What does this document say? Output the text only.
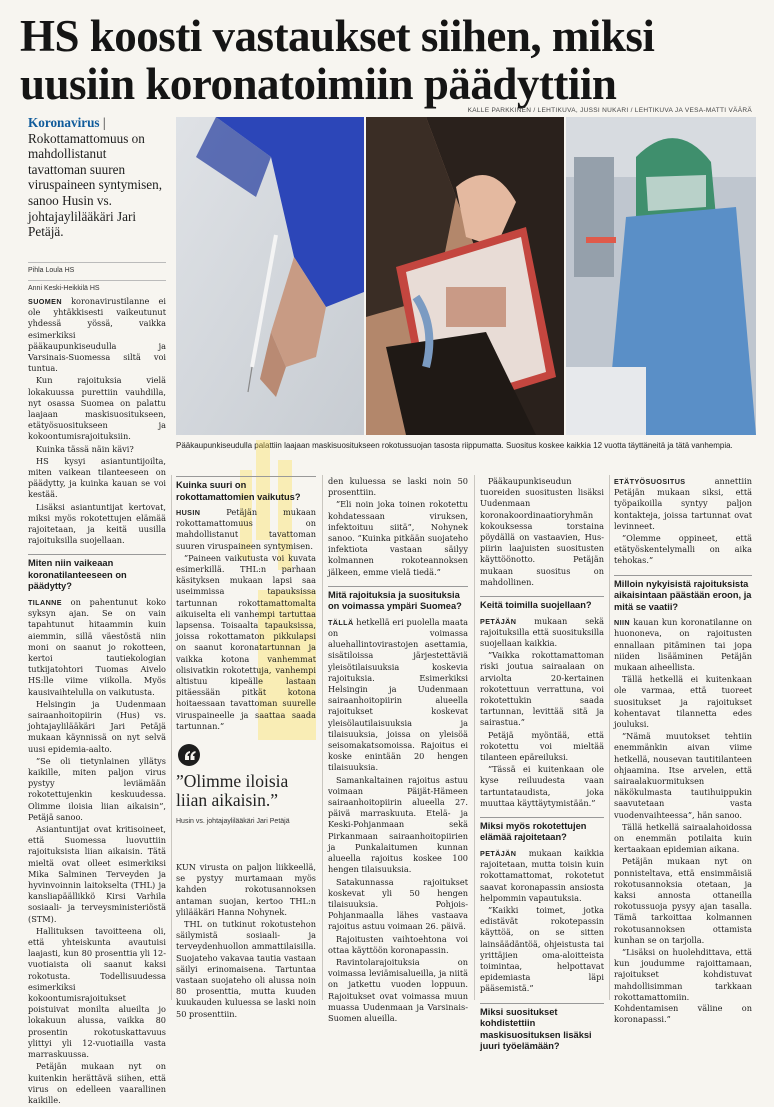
HS koosti vastaukset siihen, miksi uusiin koronatoimiin päädyttiin
KALLE PARKKINEN / LEHTIKUVA, JUSSI NUKARI / LEHTIKUVA JA VESA-MATTI VÄÄRÄ
Koronavirus | Rokottamattomuus on mahdollistanut tavattoman suuren viruspaineen syntymisen, sanoo Husin vs. johtajaylilääkäri Jari Petäjä.
Pihla Loula HS
Anni Keski-Heikkilä HS
Pääkaupunkiseudulla palattiin laajaan maskisuositukseen rokotussuojan tasosta riippumatta. Suositus koskee kaikkia 12 vuotta täyttäneitä ja tätä vanhempia.

SUOMEN koronavirustilanne ei ole yhtäkkisesti vaikeutunut yhdessä yössä, vaikka esimerkiksi pääkaupunkiseudulla ja Varsinais-Suomessa siltä voi tuntua.

Kun rajoituksia vielä lokakuussa purettiin vauhdilla, nyt osassa Suomea on palattu laajaan maskisuositukseen, etätyösuositukseen ja kokoontumisrajoituksiin.

Kuinka tässä näin kävi?

HS kysyi asiantuntijoilta, miten vaikean tilanteeseen on päädytty, ja kuinka kauan se voi kestää.

Lisäksi asiantuntijat kertovat, miksi myös rokotettujen elämää rajoitetaan, ja keitä uusilla rajoituksilla suojellaan.

Miten niin vaikeaan koronatilanteeseen on päädytty?

TILANNE on pahentunut koko syksyn ajan. Se on vain tapahtunut hitaammin kuin aiemmin, sillä väestöstä niin moni on saanut jo rokotteen, kertoi tautiekologian tutkijatohtori Tuomas Aivelo HS:lle viime viikolla. Myös kausivaihtelulla on vaikutusta.

Helsingin ja Uudenmaan sairaanhoitopiirin (Hus) vs. johtajaylilääkäri Jari Petäjä mukaan käynnissä on nyt selvä uusi epidemia-aalto.

”Se oli tietynlainen yllätys kaikille, miten paljon virus pystyy leviämään rokotettujenkin keskuudessa. Olimme iloisia liian aikaisin”, Petäjä sanoo.

Asiantuntijat ovat kritisoineet, että Suomessa luovuttiin rajoituksista liian aikaisin. Tätä mieltä ovat olleet esimerkiksi Mika Salminen Terveyden ja hyvinvoinnin laitokselta (THL) ja kansliapäällikkö Kirsi Varhila sosiaali- ja terveysministeriöstä (STM).

Hallituksen tavoitteena oli, että yhteiskunta avautuisi laajasti, kun 80 prosenttia yli 12-vuotiaista oli saanut kaksi rokotusta. Todellisuudessa esimerkiksi kokoontumisrajoitukset poistuivat monilta alueilta jo lokakuun alussa, vaikka 80 prosentin rokotuskattavuus ylittyi yli 12-vuotiailla vasta marraskuussa.

Petäjän mukaan nyt on kuitenkin herättävä siihen, että virus on edelleen vaarallinen kaikille.

Kuinka suuri on rokottamattomien vaikutus?

HUSIN Petäjän mukaan rokottamattomuus on mahdollistanut tavattoman suuren viruspaineen syntymisen.

”Paineen vaikutusta voi kuvata esimerkillä. THL:n parhaan käsityksen mukaan lapsi saa useimmissa tapauksissa tartunnan rokottamattomalta aikuiselta eli vanhempi tartuttaa lapsensa. Toisaalta tapauksissa, joissa rokottamaton pikkulapsi on saanut koronatartunnan ja vaikka kotona vanhemmat olisivatkin rokotettuja, vanhempi altistuu kipeälle lastaan pitäessään pitkät kotona hoitaessaan tavattoman suurelle viruspaineelle ja saattaa saada tartunnan.”

”Olimme iloisia liian aikaisin.”
Husin vs. johtajaylilääkäri Jari Petäjä

KUN virusta on paljon liikkeellä, se pystyy murtamaan myös kahden rokotusannoksen antaman suojan, kertoo THL:n ylilääkäri Hanna Nohynek.

THL on tutkinut rokotustehon säilymistä sosiaali- ja terveydenhuollon ammattilaisilla. Suojateho vakavaa tautia vastaan säilyi erinomaisena. Tartuntaa vastaan suojateho oli alussa noin 80 prosenttia, mutta kuuden kuukauden kuluessa se laski noin 50 prosenttiin.

den kuluessa se laski noin 50 prosenttiin.

”Eli noin joka toinen rokotettu kohdatessaan viruksen, infektoituu siitä”, Nohynek sanoo. ”Kuinka pitkään suojateho infektiota vastaan säilyy kolmannen rokoteannoksen jälkeen, emme vielä tiedä.”

Mitä rajoituksia ja suosituksia on voimassa ympäri Suomea?

TÄLLÄ hetkellä eri puolella maata on voimassa aluehallintovirastojen asettamia, sisätiloissa järjestettäviä yleisötilaisuuksia koskevia rajoituksia. Esimerkiksi Helsingin ja Uudenmaan sairaanhoitopiirin alueella rajoitukset koskevat yleisölautilaisuuksia ja tilaisuuksia, joissa on yleisöä seisomakatsomoissa. Rajoitus ei koske enintään 20 hengen tilaisuuksia.

Samankaltainen rajoitus astuu voimaan Päijät-Hämeen sairaanhoitopiirin alueella 27. päivä marraskuuta. Etelä- ja Keski-Pohjanmaan sekä Pirkanmaan sairaanhoitopiirien ja Punkalaitumen kunnan alueella rajoitus koskee 100 hengen tilaisuuksia.

Satakunnassa rajoitukset koskevat yli 50 hengen tilaisuuksia. Pohjois-Pohjanmaalla lähes vastaava rajoitus astuu voimaan 26. päivä.

Rajoitusten vaihtoehtona voi ottaa käyttöön koronapassin.

Ravintolarajoituksia on voimassa leviämisalueilla, ja niitä on jatkettu vuoden loppuun. Rajoitukset ovat voimassa muun muassa Uudenmaan ja Varsinais-Suomen alueilla.

Pääkaupunkiseudun tuoreiden suositusten lisäksi Uudenmaan koronakoordinaatioryhmän kokouksessa torstaina pöydällä on vastaavien, Hus-piirin laajuisten suositusten käyttöönotto. Petäjän mukaan suositus on mahdollinen.

Keitä toimilla suojellaan?

PETÄJÄN mukaan sekä rajoituksilla että suosituksilla suojellaan kaikkia.

”Vaikka rokottamattoman riski joutua sairaalaan on arviolta 20-kertainen rokotettuun verrattuna, voi rokotettukin saada tartunnan, levittää sitä ja sairastua.”

Petäjä myöntää, että rokotettu voi mieltää tilanteen epäreiluksi.

”Tässä ei kuitenkaan ole kyse reiluudesta vaan tartuntataudista, joka muuttaa käyttäytymistään.”

Miksi myös rokotettujen elämää rajoitetaan?

PETÄJÄN mukaan kaikkia rajoitetaan, mutta toisin kuin rokottamattomat, rokotetut saavat koronapassin ansiosta helpommin vapautuksia.

”Kaikki toimet, jotka edistävät rokotepassin käyttöä, on se sitten lainsäädäntöä, ohjeistusta tai yrittäjien oma-aloitteista toimintaa, helpottavat epidemiasta läpi pääsemistä.”

Miksi suositukset kohdistettiin maskisuosituksen lisäksi juuri työelämään?

ETÄTYÖSUOSITUS annettiin Petäjän mukaan siksi, että työpaikoilla syntyy paljon kontakteja, joissa tartunnat ovat levinneet.

”Olemme oppineet, että etätyöskentelymalli on aika tehokas.”

Milloin nykyisistä rajoituksista aikaisintaan päästään eroon, ja mitä se vaatii?

NIIN kauan kun koronatilanne on huononeva, on rajoitusten ennallaan pitäminen tai jopa niiden lisääminen Petäjän mukaan aiheellista.

Tällä hetkellä ei kuitenkaan ole varmaa, että tuoreet suositukset ja rajoitukset kohentavat tilannetta edes jouluksi.

”Nämä muutokset tehtiin enemmänkin aivan viime hetkellä, nousevan tautitilanteen ohjaamina. Itse arvelen, että sairaalakuormituksen näkökulmasta tautihuippukin saavutetaan vasta vuodenvaihteessa”, hän sanoo.

Tällä hetkellä sairaalahoidossa on enemmän potilaita kuin kertaakaan epidemian aikana.

Petäjän mukaan nyt on ponnisteltava, että ensimmäisiä rokotusannoksia otetaan, ja kaksi annosta ottaneilla rokotussuoja pysyy ajan tasalla. Tämä tarkoittaa kolmannen rokotusannoksen ottamista kunhan se on tarjolla.

”Lisäksi on huolehdittava, että kun joudumme rajoittamaan, rajoitukset kohdistuvat mahdollisimman tarkkaan rokottamattomiin. Kohdentamisen väline on koronapassi.”
